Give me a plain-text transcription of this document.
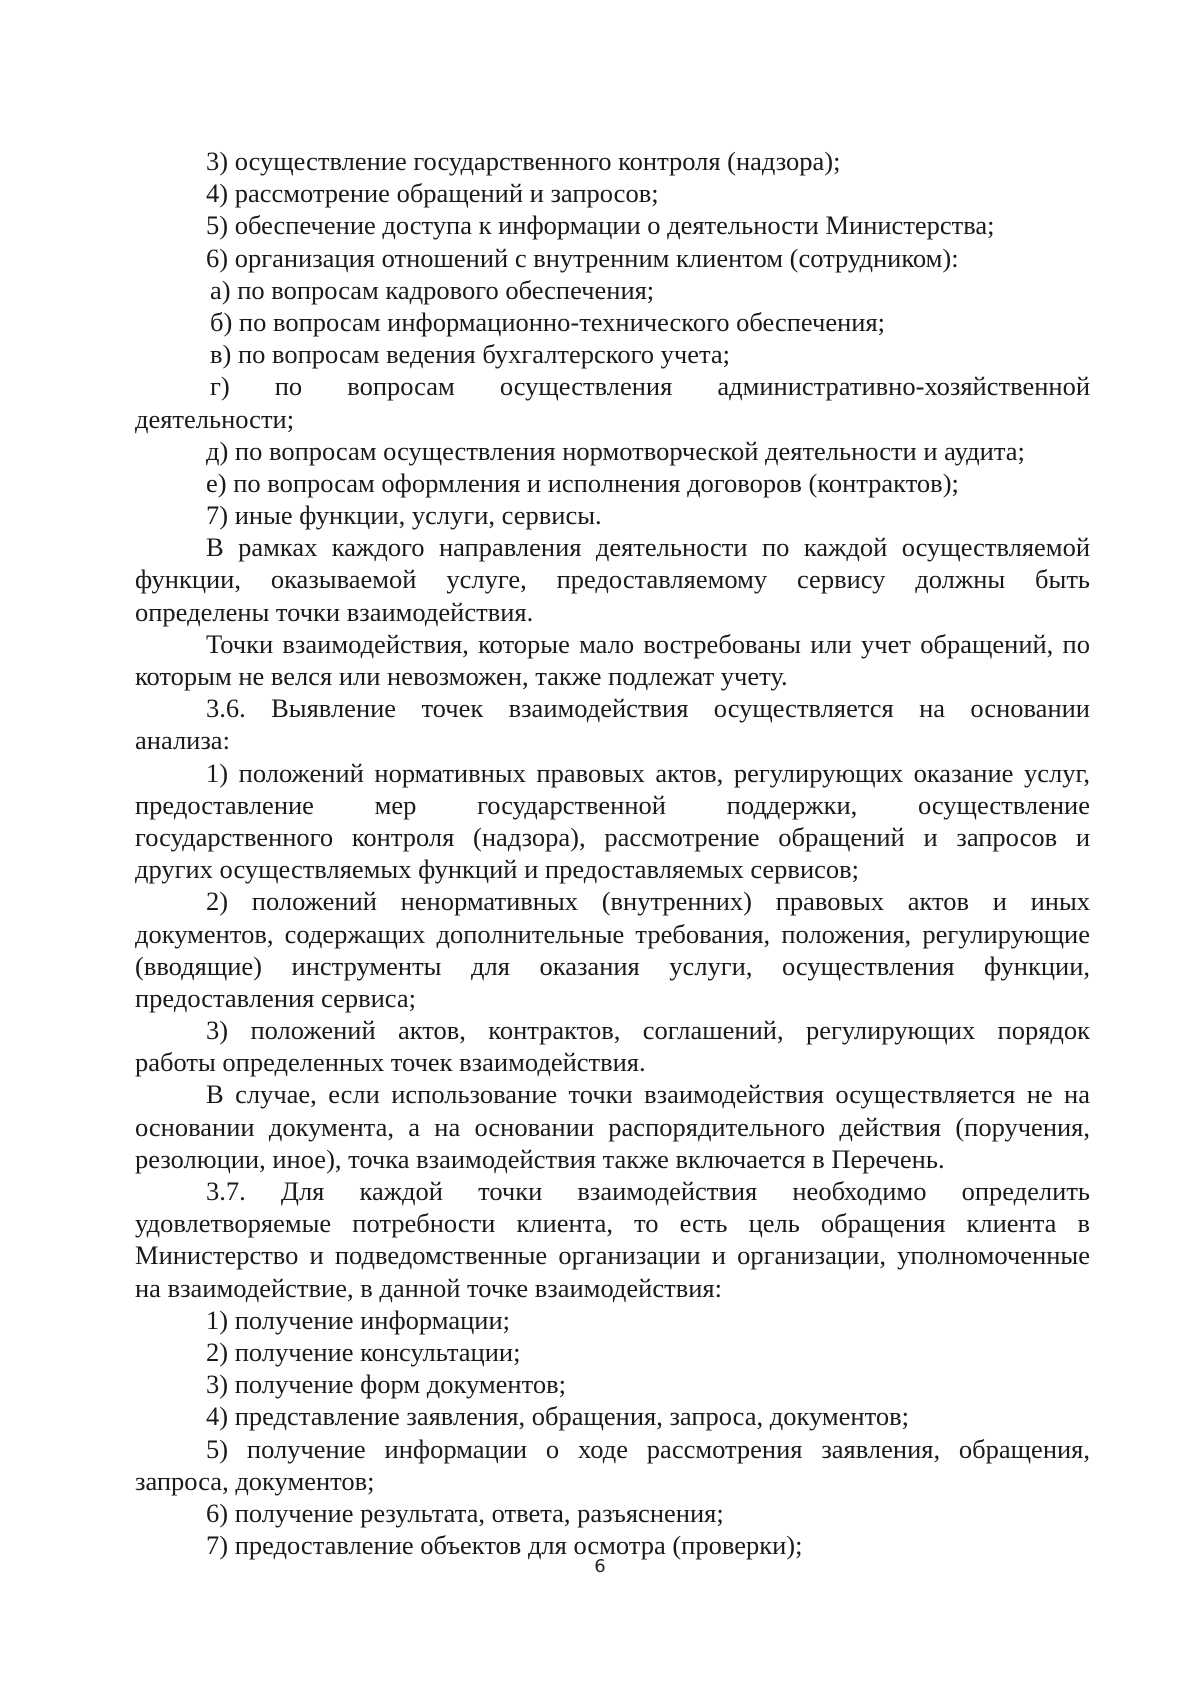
3) осуществление государственного контроля (надзора);
4) рассмотрение обращений и запросов;
5) обеспечение доступа к информации о деятельности Министерства;
6) организация отношений с внутренним клиентом (сотрудником):
а) по вопросам кадрового обеспечения;
б) по вопросам информационно-технического обеспечения;
в) по вопросам ведения бухгалтерского учета;
г) по вопросам осуществления административно-хозяйственной
деятельности;
д) по вопросам осуществления нормотворческой деятельности и аудита;
е) по вопросам оформления и исполнения договоров (контрактов);
7) иные функции, услуги, сервисы.
В рамках каждого направления деятельности по каждой осуществляемой
функции, оказываемой услуге, предоставляемому сервису должны быть
определены точки взаимодействия.
Точки взаимодействия, которые мало востребованы или учет обращений, по
которым не велся или невозможен, также подлежат учету.
3.6. Выявление точек взаимодействия осуществляется на основании
анализа:
1) положений нормативных правовых актов, регулирующих оказание услуг,
предоставление мер государственной поддержки, осуществление
государственного контроля (надзора), рассмотрение обращений и запросов и
других осуществляемых функций и предоставляемых сервисов;
2) положений ненормативных (внутренних) правовых актов и иных
документов, содержащих дополнительные требования, положения, регулирующие
(вводящие) инструменты для оказания услуги, осуществления функции,
предоставления сервиса;
3) положений актов, контрактов, соглашений, регулирующих порядок
работы определенных точек взаимодействия.
В случае, если использование точки взаимодействия осуществляется не на
основании документа, а на основании распорядительного действия (поручения,
резолюции, иное), точка взаимодействия также включается в Перечень.
3.7. Для каждой точки взаимодействия необходимо определить
удовлетворяемые потребности клиента, то есть цель обращения клиента в
Министерство и подведомственные организации и организации, уполномоченные
на взаимодействие, в данной точке взаимодействия:
1) получение информации;
2) получение консультации;
3) получение форм документов;
4) представление заявления, обращения, запроса, документов;
5) получение информации о ходе рассмотрения заявления, обращения,
запроса, документов;
6) получение результата, ответа, разъяснения;
7) предоставление объектов для осмотра (проверки);
6
